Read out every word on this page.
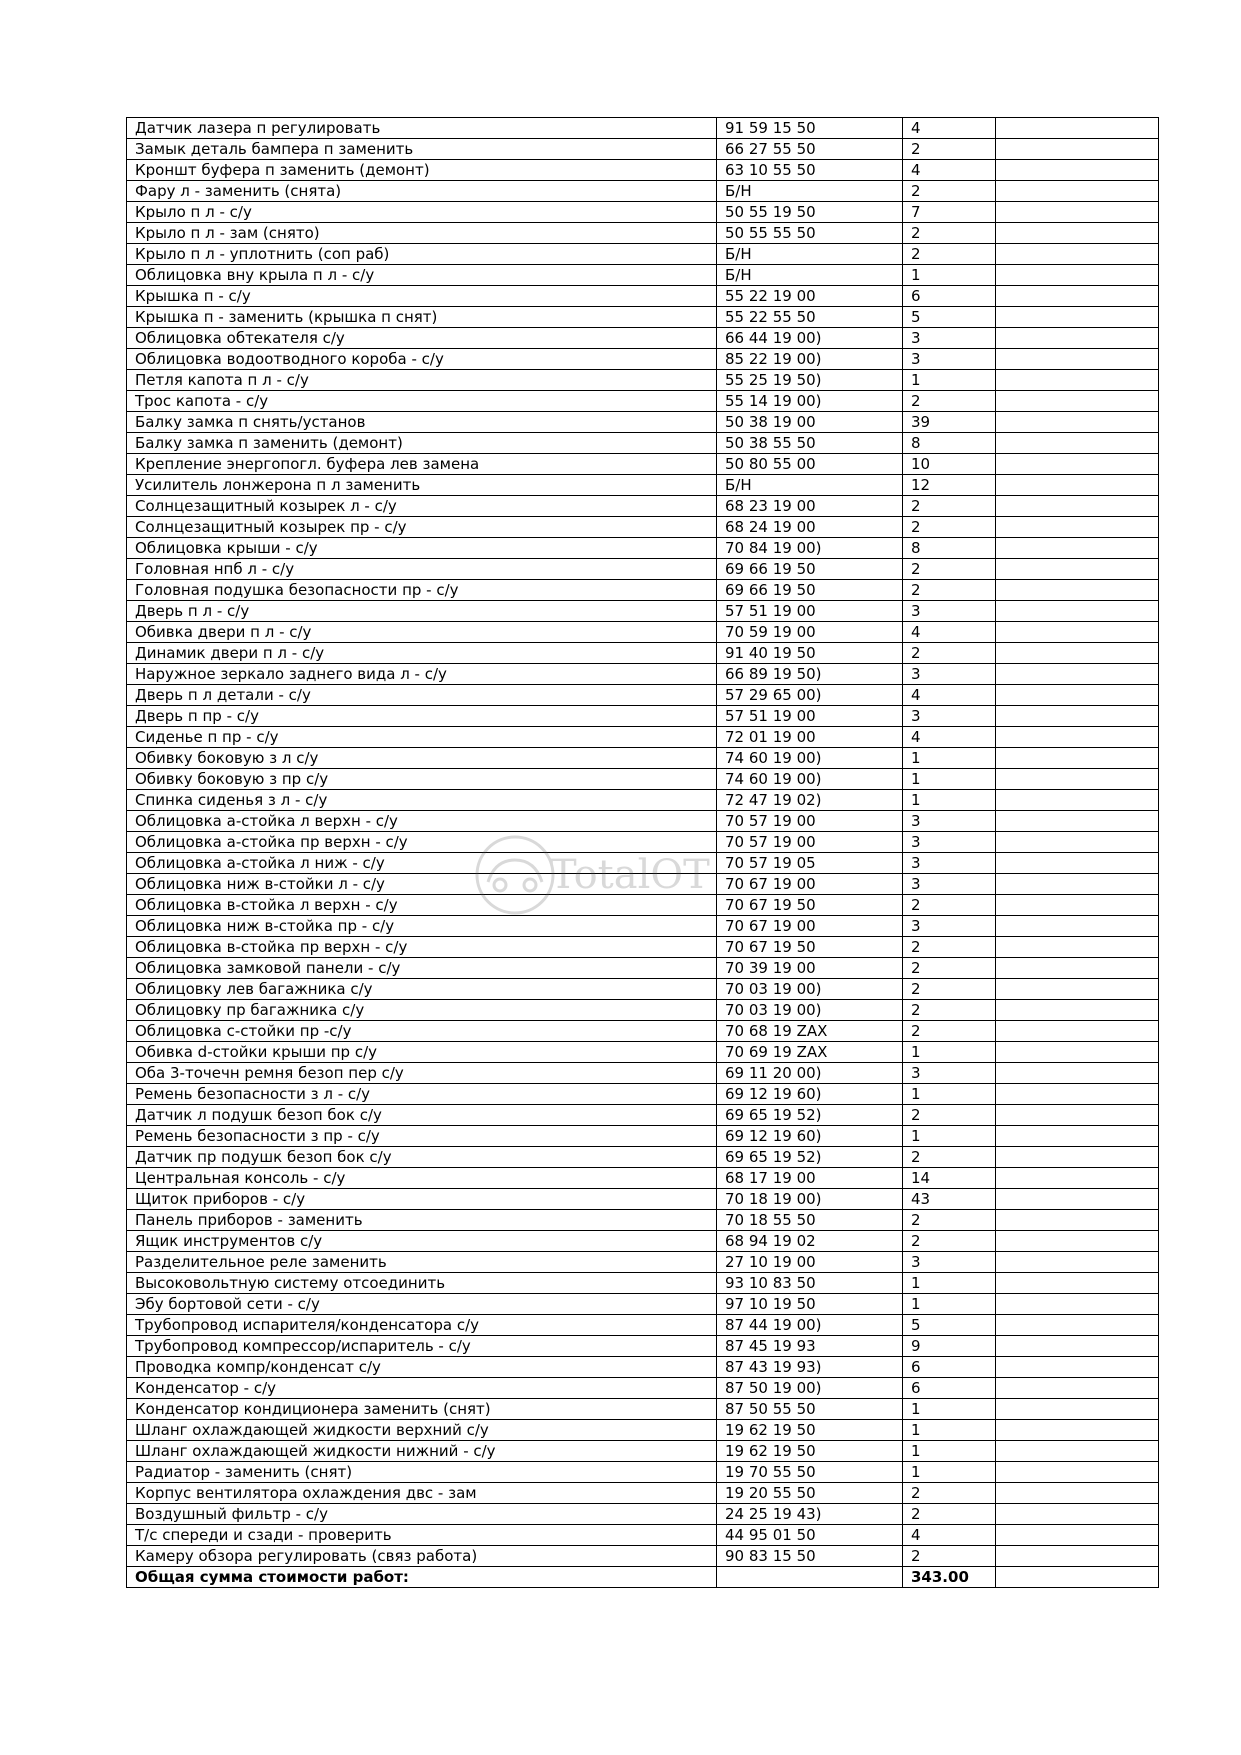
Датчик лазера п регулировать	91 59 15 50	4	
Замык деталь бампера п заменить	66 27 55 50	2	
Кроншт буфера п заменить (демонт)	63 10 55 50	4	
Фару л - заменить (снята)	Б/Н	2	
Крыло п л - с/у	50 55 19 50	7	
Крыло п л - зам (снято)	50 55 55 50	2	
Крыло п л - уплотнить (соп раб)	Б/Н	2	
Облицовка вну крыла п л - с/у	Б/Н	1	
Крышка п - с/у	55 22 19 00	6	
Крышка п - заменить (крышка п снят)	55 22 55 50	5	
Облицовка обтекателя с/у	66 44 19 00)	3	
Облицовка водоотводного короба - с/у	85 22 19 00)	3	
Петля капота п л - с/у	55 25 19 50)	1	
Трос капота - с/у	55 14 19 00)	2	
Балку замка п снять/установ	50 38 19 00	39	
Балку замка п заменить (демонт)	50 38 55 50	8	
Крепление энергопогл. буфера лев замена	50 80 55 00	10	
Усилитель лонжерона п л заменить	Б/Н	12	
Солнцезащитный козырек л - с/у	68 23 19 00	2	
Солнцезащитный козырек пр - с/у	68 24 19 00	2	
Облицовка крыши - с/у	70 84 19 00)	8	
Головная нпб л - с/у	69 66 19 50	2	
Головная подушка безопасности пр - с/у	69 66 19 50	2	
Дверь п л - с/у	57 51 19 00	3	
Обивка двери п л - с/у	70 59 19 00	4	
Динамик двери п л - с/у	91 40 19 50	2	
Наружное зеркало заднего вида л - с/у	66 89 19 50)	3	
Дверь п л детали - с/у	57 29 65 00)	4	
Дверь п пр - с/у	57 51 19 00	3	
Сиденье п пр - с/у	72 01 19 00	4	
Обивку боковую з л с/у	74 60 19 00)	1	
Обивку боковую з пр с/у	74 60 19 00)	1	
Спинка сиденья з л - с/у	72 47 19 02)	1	
Облицовка а-стойка л верхн - с/у	70 57 19 00	3	
Облицовка а-стойка пр верхн - с/у	70 57 19 00	3	
Облицовка а-стойка л ниж - с/у	70 57 19 05	3	
Облицовка ниж в-стойки л - с/у	70 67 19 00	3	
Облицовка в-стойка л верхн - с/у	70 67 19 50	2	
Облицовка ниж в-стойка пр - с/у	70 67 19 00	3	
Облицовка в-стойка пр верхн - с/у	70 67 19 50	2	
Облицовка замковой панели - с/у	70 39 19 00	2	
Облицовку лев багажника с/у	70 03 19 00)	2	
Облицовку пр багажника с/у	70 03 19 00)	2	
Облицовка с-стойки пр -с/у	70 68 19 ZAX	2	
Обивка d-стойки крыши пр с/у	70 69 19 ZAX	1	
Оба 3-точечн ремня безоп пер с/у	69 11 20 00)	3	
Ремень безопасности з л - с/у	69 12 19 60)	1	
Датчик л подушк безоп бок с/у	69 65 19 52)	2	
Ремень безопасности з пр - с/у	69 12 19 60)	1	
Датчик пр подушк безоп бок с/у	69 65 19 52)	2	
Центральная консоль - с/у	68 17 19 00	14	
Щиток приборов - с/у	70 18 19 00)	43	
Панель приборов - заменить	70 18 55 50	2	
Ящик инструментов с/у	68 94 19 02	2	
Разделительное реле заменить	27 10 19 00	3	
Высоковольтную систему отсоединить	93 10 83 50	1	
Эбу бортовой сети - с/у	97 10 19 50	1	
Трубопровод испарителя/конденсатора с/у	87 44 19 00)	5	
Трубопровод компрессор/испаритель - с/у	87 45 19 93	9	
Проводка компр/конденсат с/у	87 43 19 93)	6	
Конденсатор - с/у	87 50 19 00)	6	
Конденсатор кондиционера заменить (снят)	87 50 55 50	1	
Шланг охлаждающей жидкости верхний с/у	19 62 19 50	1	
Шланг охлаждающей жидкости нижний - с/у	19 62 19 50	1	
Радиатор - заменить (снят)	19 70 55 50	1	
Корпус вентилятора охлаждения двс - зам	19 20 55 50	2	
Воздушный фильтр - с/у	24 25 19 43)	2	
Т/с спереди и сзади - проверить	44 95 01 50	4	
Камеру обзора регулировать (связ работа)	90 83 15 50	2	
Общая сумма стоимости работ:		343.00	
TotalOT
